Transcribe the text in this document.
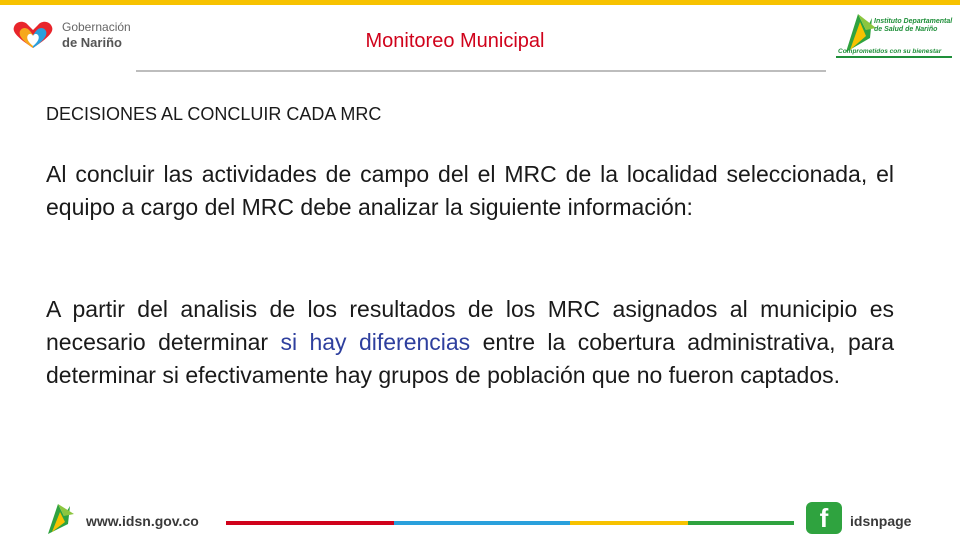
Gobernación
de Nariño	Monitoreo Municipal
Instituto Departamental de Salud de Nariño
Comprometidos con su bienestar
DECISIONES AL CONCLUIR CADA MRC
Al concluir las actividades de campo del el MRC de la localidad seleccionada, el equipo a cargo del MRC debe analizar la siguiente información:
A partir del analisis de los resultados de los MRC asignados al municipio es necesario determinar si hay diferencias entre la cobertura administrativa, para determinar si efectivamente hay grupos de población que no fueron captados.
www.idsn.gov.co	f	idsnpage
